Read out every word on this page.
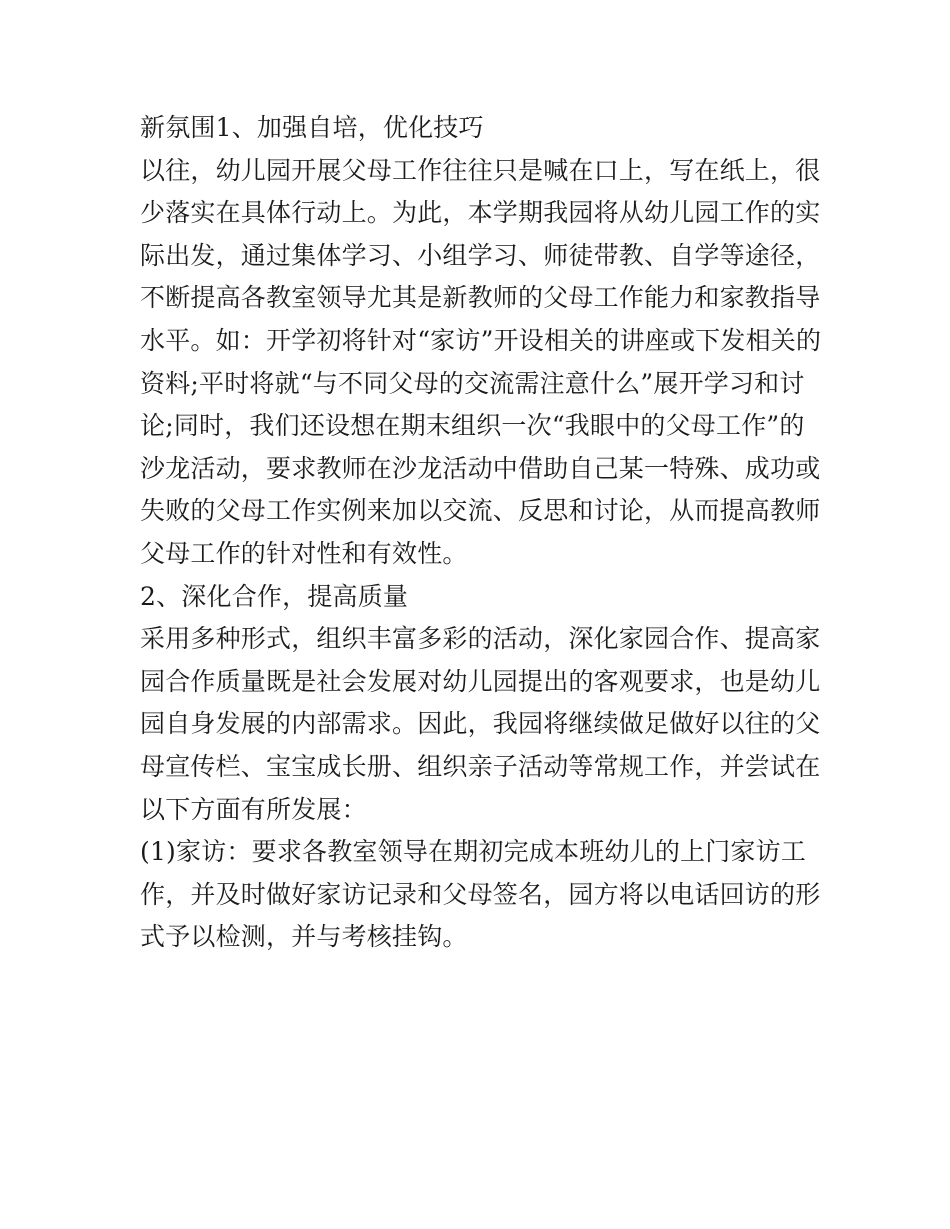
新氛围1、加强自培，优化技巧
以往，幼儿园开展父母工作往往只是喊在口上，写在纸上，很
少落实在具体行动上。为此，本学期我园将从幼儿园工作的实
际出发，通过集体学习、小组学习、师徒带教、自学等途径，
不断提高各教室领导尤其是新教师的父母工作能力和家教指导
水平。如：开学初将针对“家访”开设相关的讲座或下发相关的
资料;平时将就“与不同父母的交流需注意什么”展开学习和讨
论;同时，我们还设想在期末组织一次“我眼中的父母工作”的
沙龙活动，要求教师在沙龙活动中借助自己某一特殊、成功或
失败的父母工作实例来加以交流、反思和讨论，从而提高教师
父母工作的针对性和有效性。
2、深化合作，提高质量
采用多种形式，组织丰富多彩的活动，深化家园合作、提高家
园合作质量既是社会发展对幼儿园提出的客观要求，也是幼儿
园自身发展的内部需求。因此，我园将继续做足做好以往的父
母宣传栏、宝宝成长册、组织亲子活动等常规工作，并尝试在
以下方面有所发展：
(1)家访：要求各教室领导在期初完成本班幼儿的上门家访工
作，并及时做好家访记录和父母签名，园方将以电话回访的形
式予以检测，并与考核挂钩。
